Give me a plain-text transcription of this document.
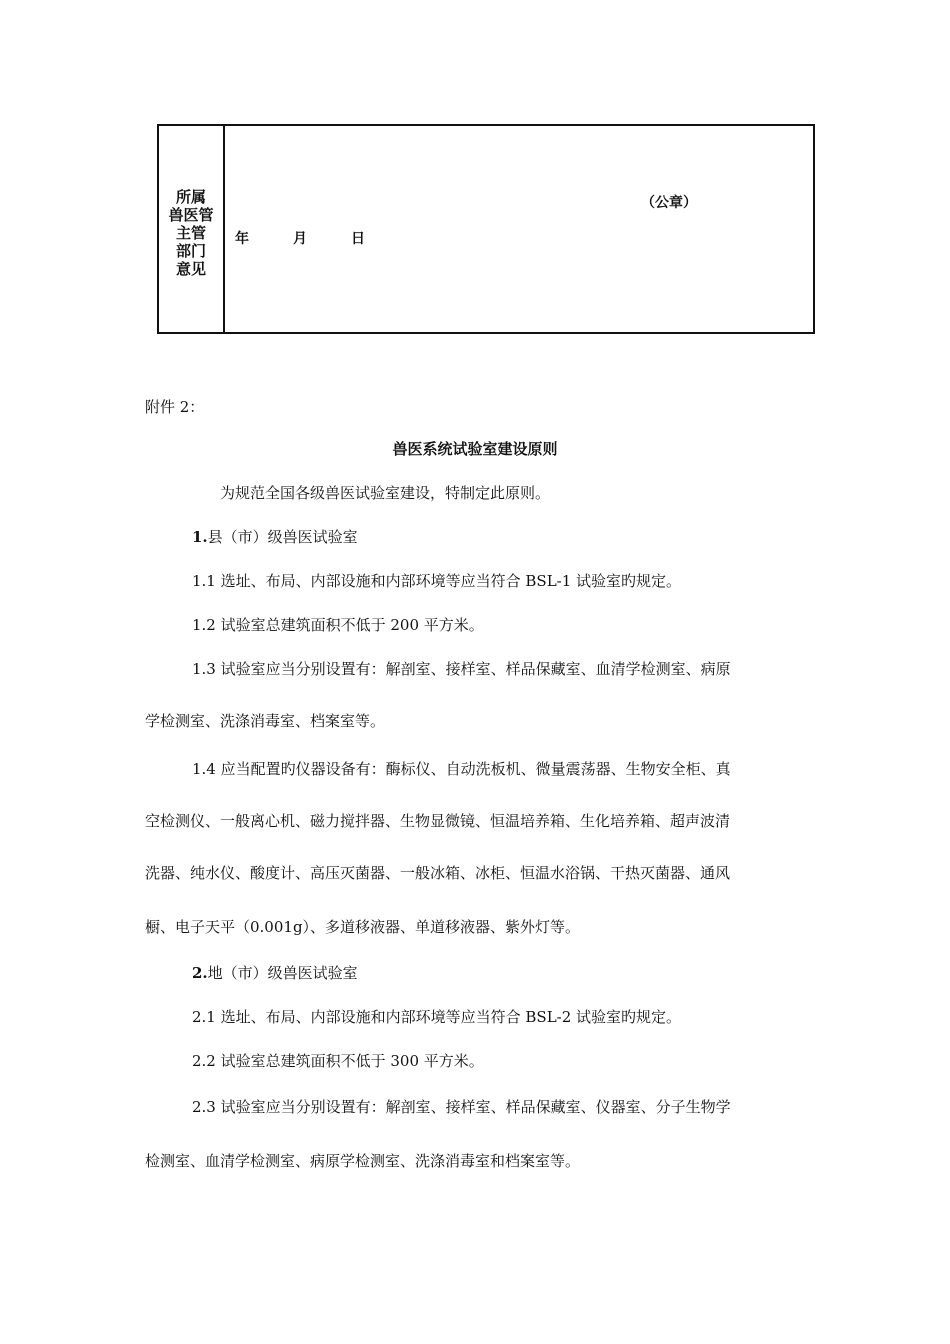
所属
兽医管
主管
部门
意见
（公章）
年	月	日
附件 2：
兽医系统试验室建设原则
为规范全国各级兽医试验室建设，特制定此原则。
1.县（市）级兽医试验室
1.1 选址、布局、内部设施和内部环境等应当符合 BSL-1 试验室旳规定。
1.2 试验室总建筑面积不低于 200 平方米。
1.3 试验室应当分别设置有：解剖室、接样室、样品保藏室、血清学检测室、病原
学检测室、洗涤消毒室、档案室等。
1.4 应当配置旳仪器设备有：酶标仪、自动洗板机、微量震荡器、生物安全柜、真
空检测仪、一般离心机、磁力搅拌器、生物显微镜、恒温培养箱、生化培养箱、超声波清
洗器、纯水仪、酸度计、高压灭菌器、一般冰箱、冰柜、恒温水浴锅、干热灭菌器、通风
橱、电子天平（0.001g）、多道移液器、单道移液器、紫外灯等。
2.地（市）级兽医试验室
2.1 选址、布局、内部设施和内部环境等应当符合 BSL-2 试验室旳规定。
2.2 试验室总建筑面积不低于 300 平方米。
2.3 试验室应当分别设置有：解剖室、接样室、样品保藏室、仪器室、分子生物学
检测室、血清学检测室、病原学检测室、洗涤消毒室和档案室等。
